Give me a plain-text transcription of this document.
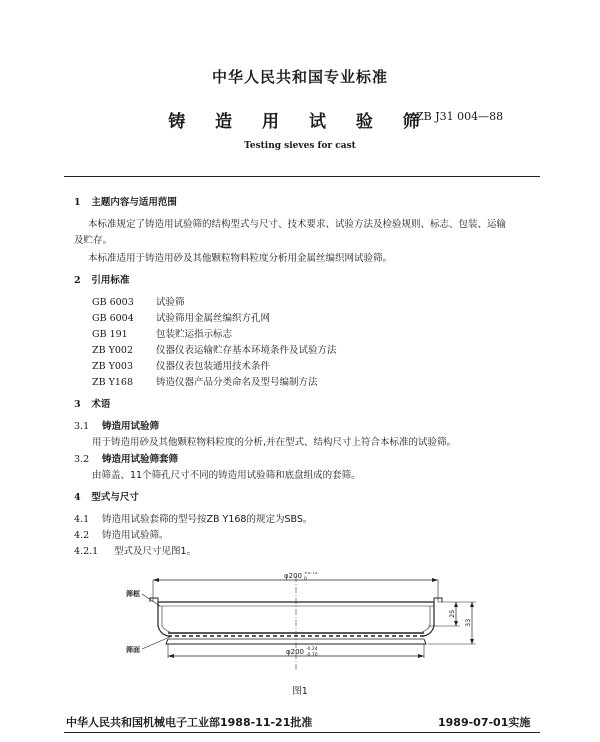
中华人民共和国专业标准
铸 造 用 试 验 筛
ZB J31 004—88
Testing sieves for cast
1 主题内容与适用范围
本标准规定了铸造用试验筛的结构型式与尺寸、技术要求、试验方法及检验规则、标志、包装、运输
及贮存。
本标准适用于铸造用砂及其他颗粒物料粒度分析用金属丝编织网试验筛。
2 引用标准
GB 6003 试验筛
GB 6004 试验筛用金属丝编织方孔网
GB 191	包装贮运指示标志
ZB Y002 仪器仪表运输贮存基本环境条件及试验方法
ZB Y003 仪器仪表包装通用技术条件
ZB Y168 铸造仪器产品分类命名及型号编制方法
3 术语
3.1 铸造用试验筛
用于铸造用砂及其他颗粒物料粒度的分析,并在型式、结构尺寸上符合本标准的试验筛。
3.2 铸造用试验筛套筛
由筛盖、11个筛孔尺寸不同的铸造用试验筛和底盘组成的套筛。
4 型式与尺寸
4.1 铸造用试验套筛的型号按ZB Y168的规定为SBS。
4.2 铸造用试验筛。
4.2.1 型式及尺寸见图1。
φ200 +0.72
0
φ200 -0.24
-0.70
筛框
筛面
25
33
图1
中华人民共和国机械电子工业部1988-11-21批准	1989-07-01实施
